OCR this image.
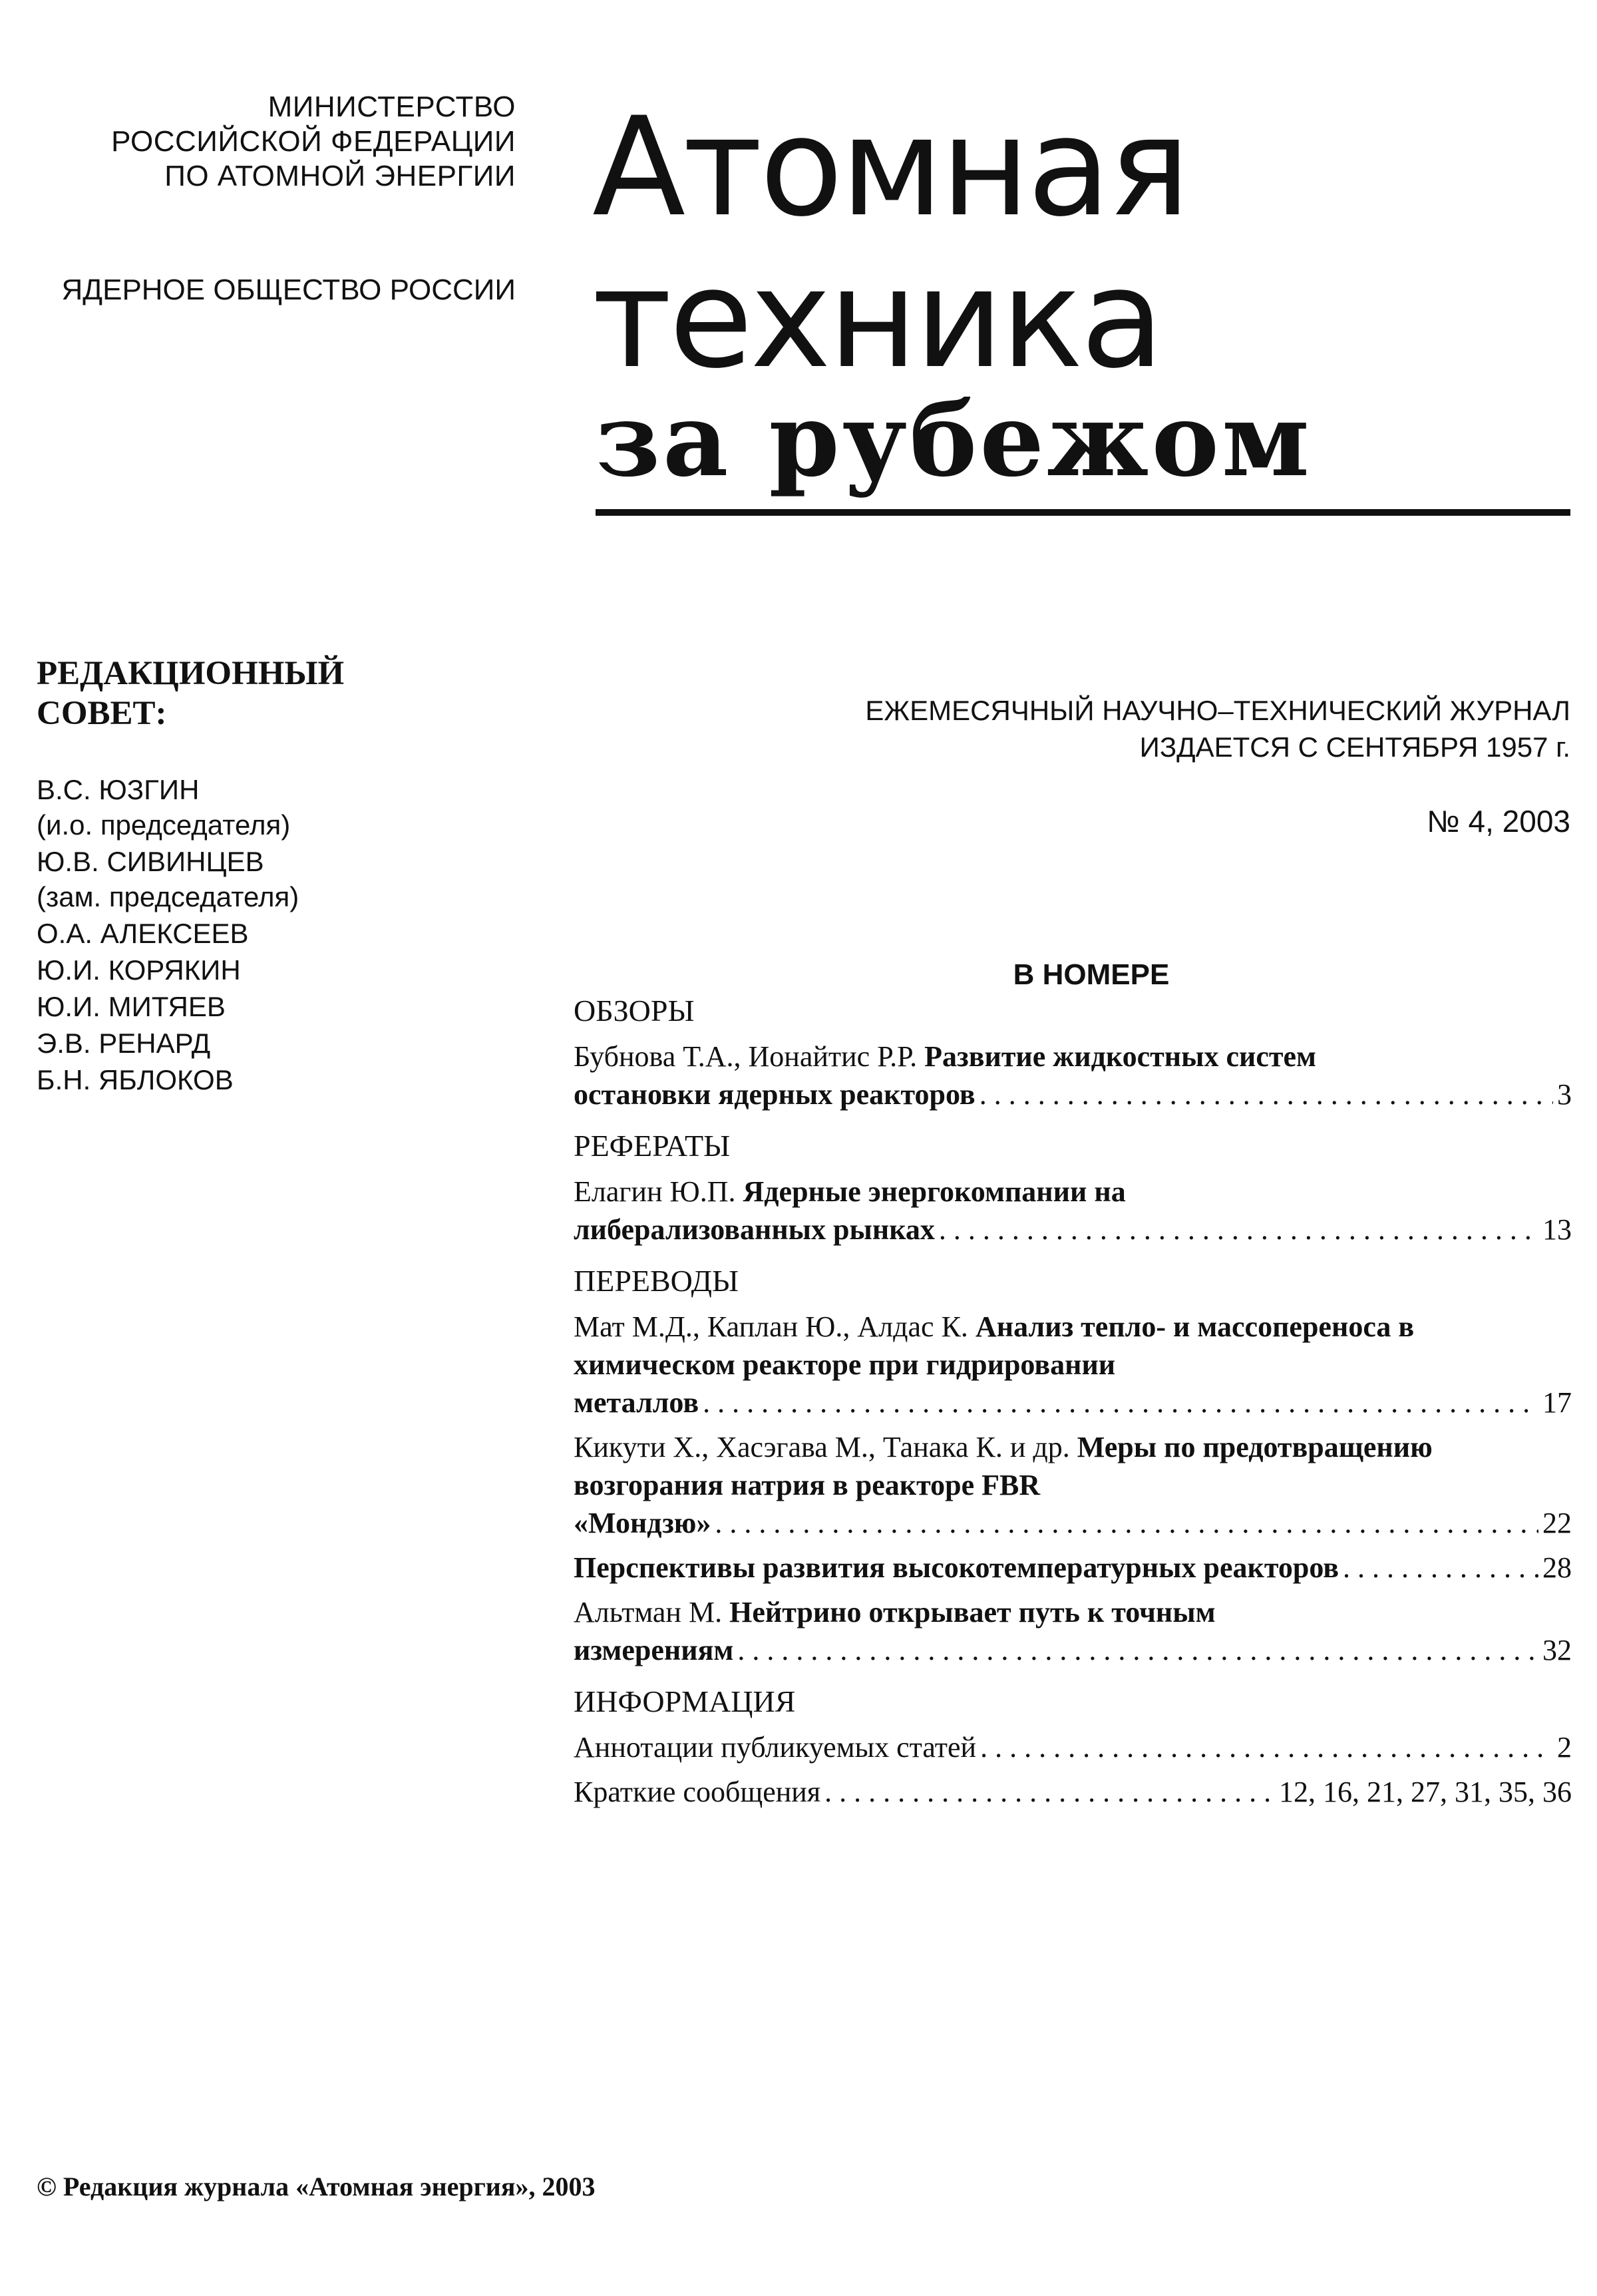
МИНИСТЕРСТВО
РОССИЙСКОЙ ФЕДЕРАЦИИ
ПО АТОМНОЙ ЭНЕРГИИ
ЯДЕРНОЕ ОБЩЕСТВО РОССИИ
Атомная
техника
за рубежом
РЕДАКЦИОННЫЙ
СОВЕТ:
В.С. ЮЗГИН
(и.о. председателя)
Ю.В. СИВИНЦЕВ
(зам. председателя)
О.А. АЛЕКСЕЕВ
Ю.И. КОРЯКИН
Ю.И. МИТЯЕВ
Э.В. РЕНАРД
Б.Н. ЯБЛОКОВ
ЕЖЕМЕСЯЧНЫЙ НАУЧНО–ТЕХНИЧЕСКИЙ ЖУРНАЛ
ИЗДАЕТСЯ С СЕНТЯБРЯ 1957 г.
№ 4, 2003
В НОМЕРЕ
ОБЗОРЫ
Бубнова Т.А., Ионайтис Р.Р. Развитие жидкостных систем
остановки ядерных реакторов . . .	3
РЕФЕРАТЫ
Елагин Ю.П. Ядерные энергокомпании на
либерализованных рынках . . .	13
ПЕРЕВОДЫ
Мат М.Д., Каплан Ю., Алдас К. Анализ тепло- и массопереноса в химическом реакторе при гидрировании
металлов . . .	17
Кикути Х., Хасэгава М., Танака К. и др. Меры по предотвращению возгорания натрия в реакторе FBR
«Мондзю» . . .	22
Перспективы развития высокотемпературных реакторов . . .	28
Альтман М. Нейтрино открывает путь к точным
измерениям . . .	32
ИНФОРМАЦИЯ
Аннотации публикуемых статей . . .	2
Краткие сообщения . . .	12, 16, 21, 27, 31, 35, 36
© Редакция журнала «Атомная энергия», 2003
